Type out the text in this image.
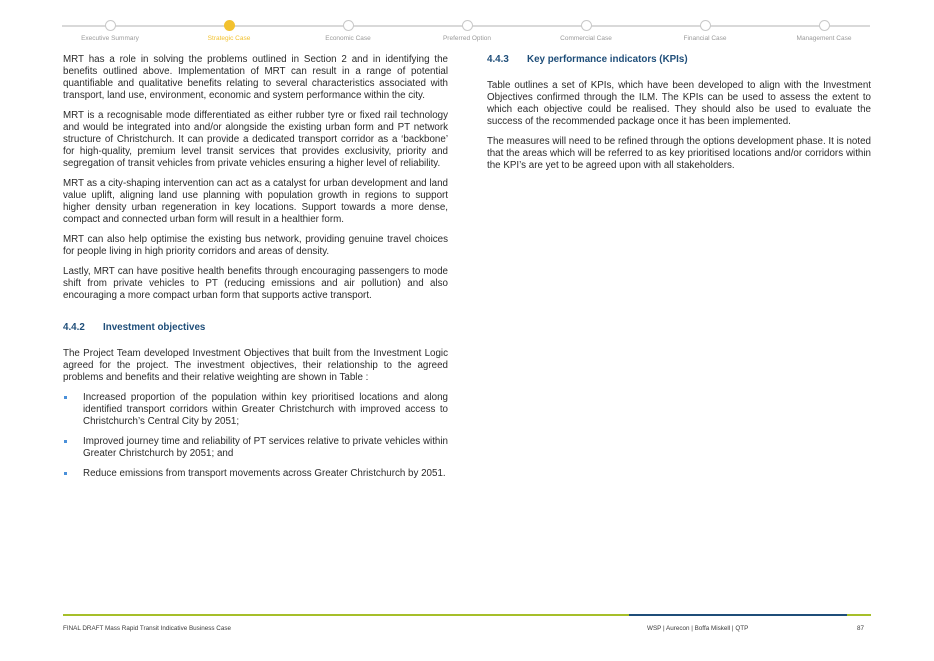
Executive Summary	Strategic Case	Economic Case	Preferred Option	Commercial Case	Financial Case	Management Case

MRT has a role in solving the problems outlined in Section 2 and in identifying the benefits outlined above. Implementation of MRT can result in a range of potential quantifiable and qualitative benefits relating to several characteristics associated with transport, land use, environment, economic and system performance within the city.

MRT is a recognisable mode differentiated as either rubber tyre or fixed rail technology and would be integrated into and/or alongside the existing urban form and PT network structure of Christchurch. It can provide a dedicated transport corridor as a ‘backbone’ for high-quality, premium level transit services that provides exclusivity, priority and segregation of transit vehicles from private vehicles ensuring a higher level of reliability.

MRT as a city-shaping intervention can act as a catalyst for urban development and land value uplift, aligning land use planning with population growth in regions to support higher density urban regeneration in key locations. Support towards a more dense, compact and connected urban form will result in a healthier form.

MRT can also help optimise the existing bus network, providing genuine travel choices for people living in high priority corridors and areas of density.

Lastly, MRT can have positive health benefits through encouraging passengers to mode shift from private vehicles to PT (reducing emissions and air pollution) and also encouraging a more compact urban form that supports active transport.

4.4.2	Investment objectives

The Project Team developed Investment Objectives that built from the Investment Logic agreed for the project. The investment objectives, their relationship to the agreed problems and benefits and their relative weighting are shown in Table :

Increased proportion of the population within key prioritised locations and along identified transport corridors within Greater Christchurch with improved access to Christchurch’s Central City by 2051;
Improved journey time and reliability of PT services relative to private vehicles within Greater Christchurch by 2051; and
Reduce emissions from transport movements across Greater Christchurch by 2051.
4.4.3	Key performance indicators (KPIs)

Table outlines a set of KPIs, which have been developed to align with the Investment Objectives confirmed through the ILM. The KPIs can be used to assess the extent to which each objective could be realised. They should also be used to evaluate the success of the recommended package once it has been implemented.

The measures will need to be refined through the options development phase. It is noted that the areas which will be referred to as key prioritised locations and/or corridors within the KPI’s are yet to be agreed upon with all stakeholders.

FINAL DRAFT Mass Rapid Transit Indicative Business Case	WSP | Aurecon | Boffa Miskell | QTP	87
